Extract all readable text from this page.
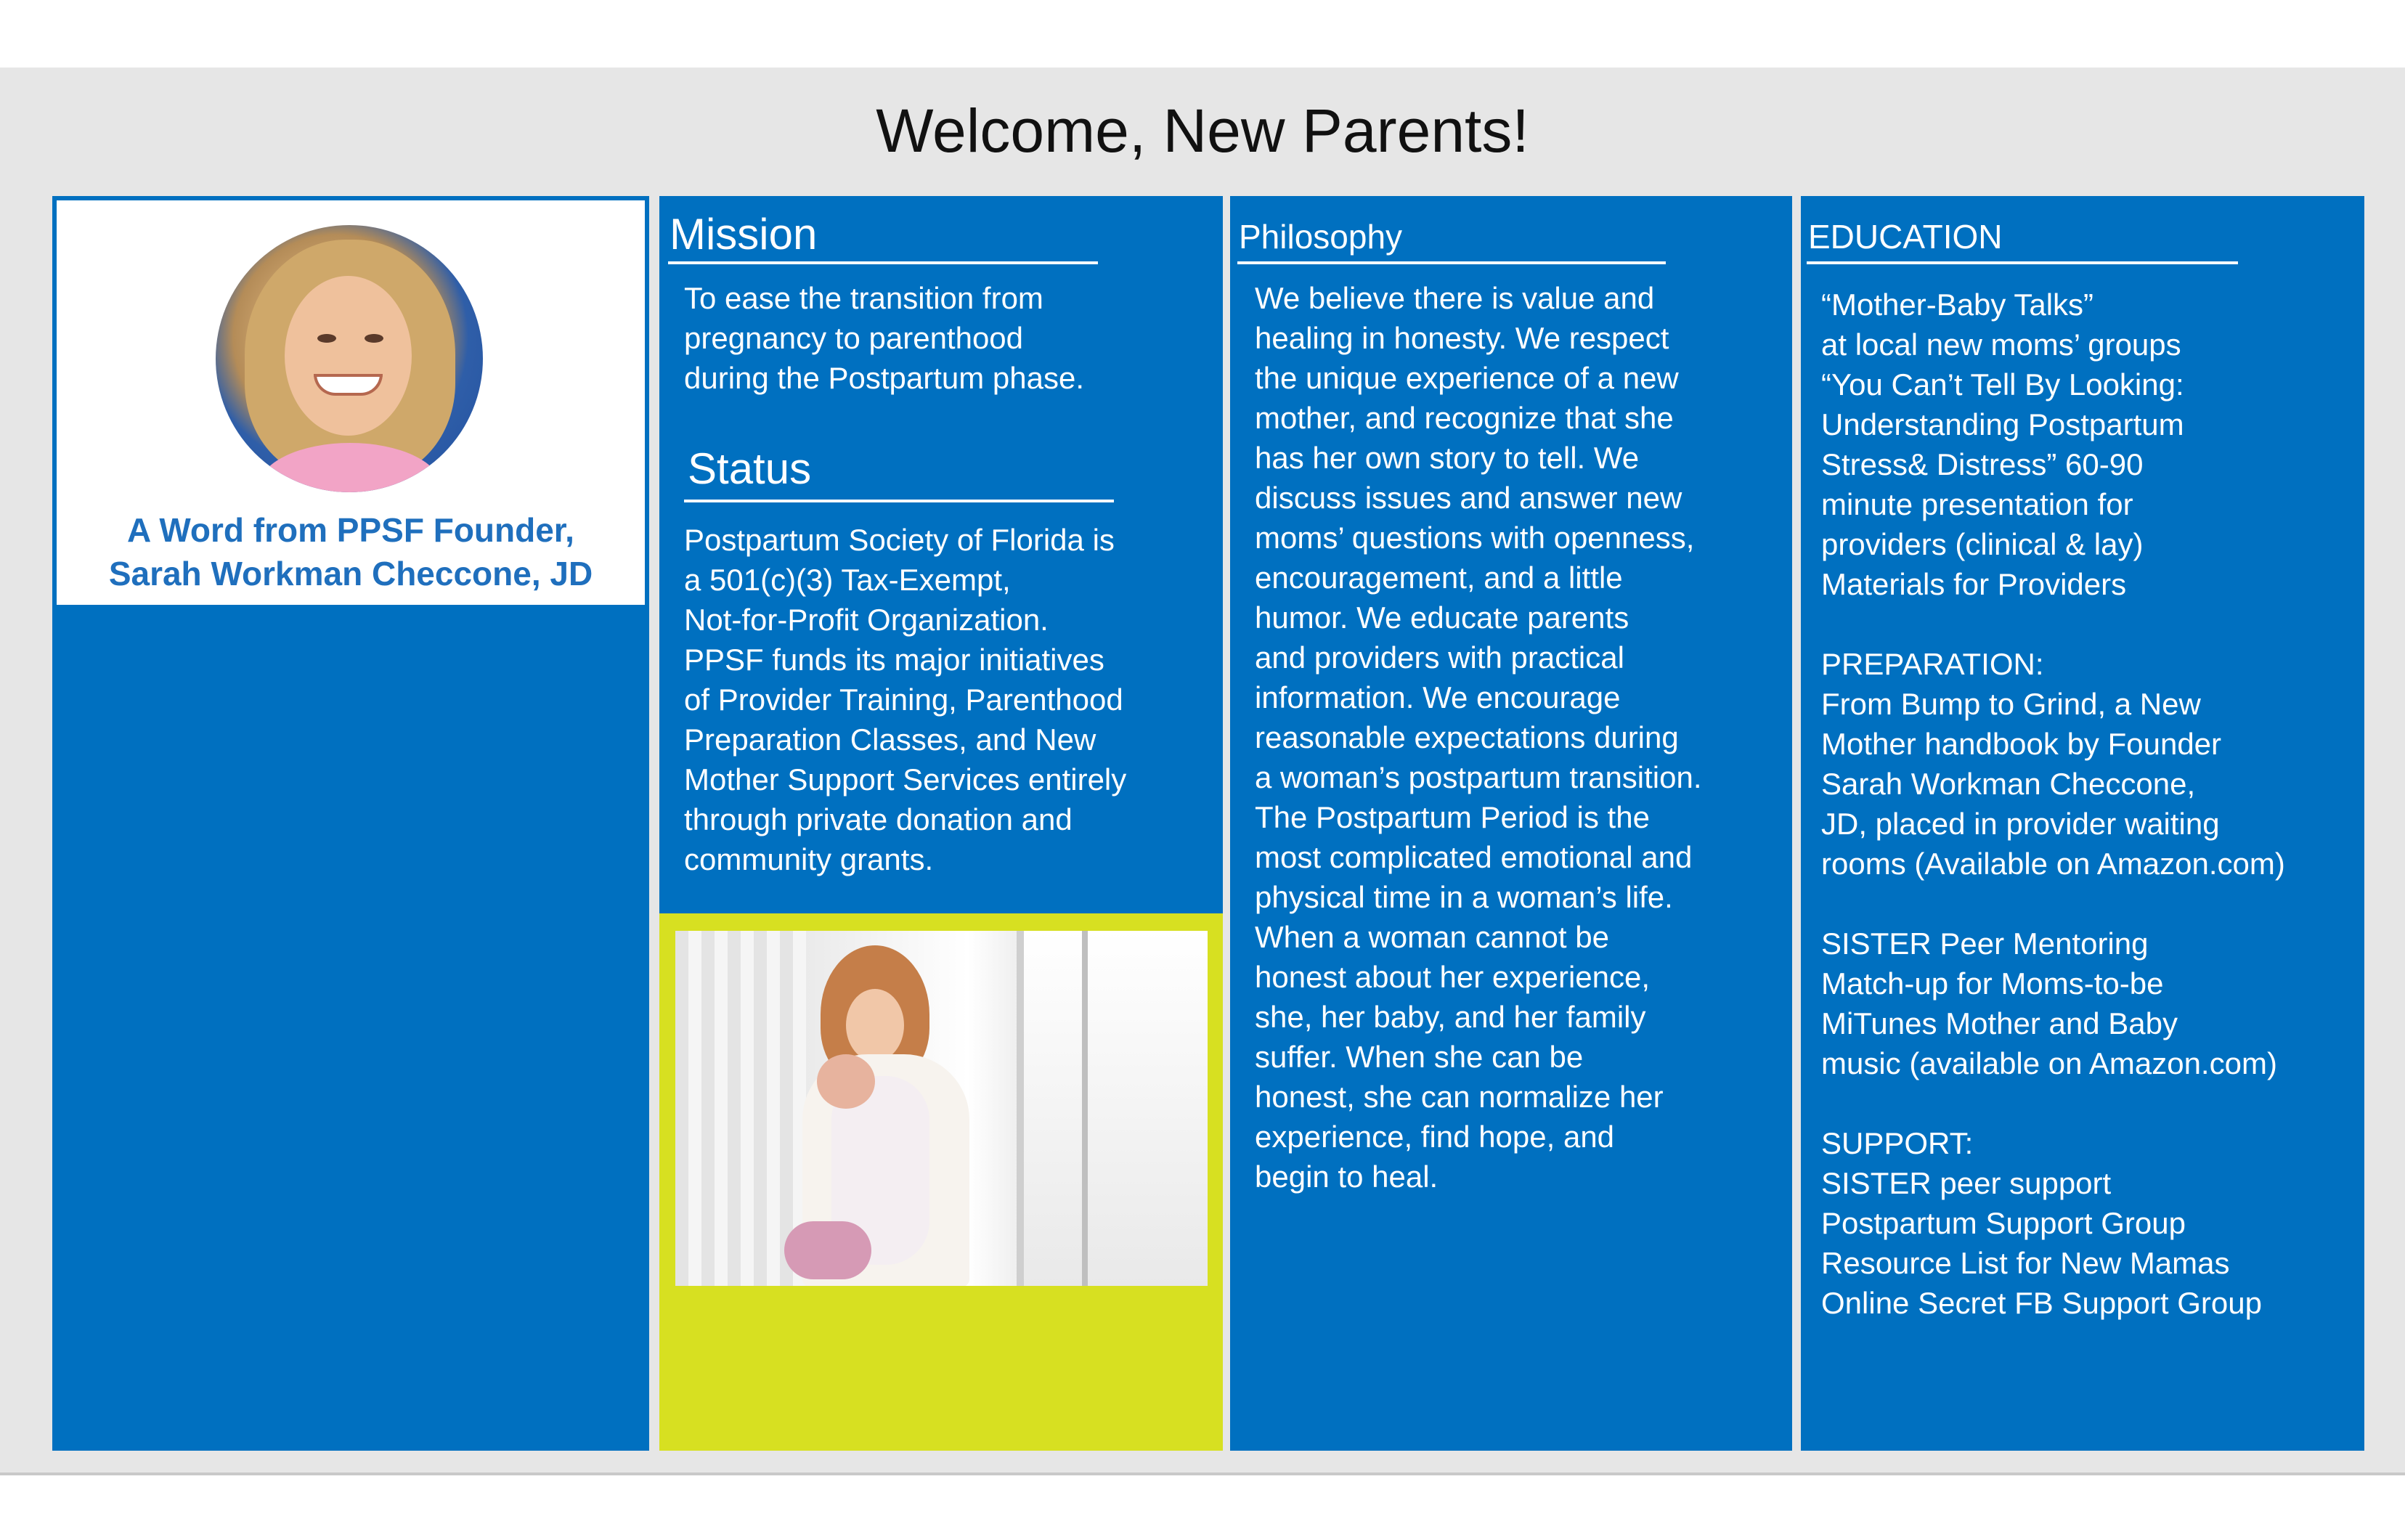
Welcome, New Parents!
A Word from PPSF Founder,
Sarah Workman Checcone, JD
Mission
To ease the transition from
pregnancy to parenthood
during the Postpartum phase.
Status
Postpartum Society of Florida is
a 501(c)(3) Tax-Exempt,
Not-for-Profit Organization.
PPSF funds its major initiatives
of Provider Training, Parenthood
Preparation Classes, and New
Mother Support Services entirely
through private donation and
community grants.
Philosophy
We believe there is value and
healing in honesty. We respect
the unique experience of a new
mother, and recognize that she
has her own story to tell. We
discuss issues and answer new
moms’ questions with openness,
encouragement, and a little
humor. We educate parents
and providers with practical
information. We encourage
reasonable expectations during
a woman’s postpartum transition.
The Postpartum Period is the
most complicated emotional and
physical time in a woman’s life.
When a woman cannot be
honest about her experience,
she, her baby, and her family
suffer. When she can be
honest, she can normalize her
experience, find hope, and
begin to heal.
EDUCATION
“Mother-Baby Talks”
at local new moms’ groups
“You Can’t Tell By Looking:
Understanding Postpartum
Stress& Distress” 60-90
minute presentation for
providers (clinical & lay)
Materials for Providers

PREPARATION:
From Bump to Grind, a New
Mother handbook by Founder
Sarah Workman Checcone,
JD, placed in provider waiting
rooms (Available on Amazon.com)

SISTER Peer Mentoring
Match-up for Moms-to-be
MiTunes Mother and Baby
music (available on Amazon.com)

SUPPORT:
SISTER peer support
Postpartum Support Group
Resource List for New Mamas
Online Secret FB Support Group
